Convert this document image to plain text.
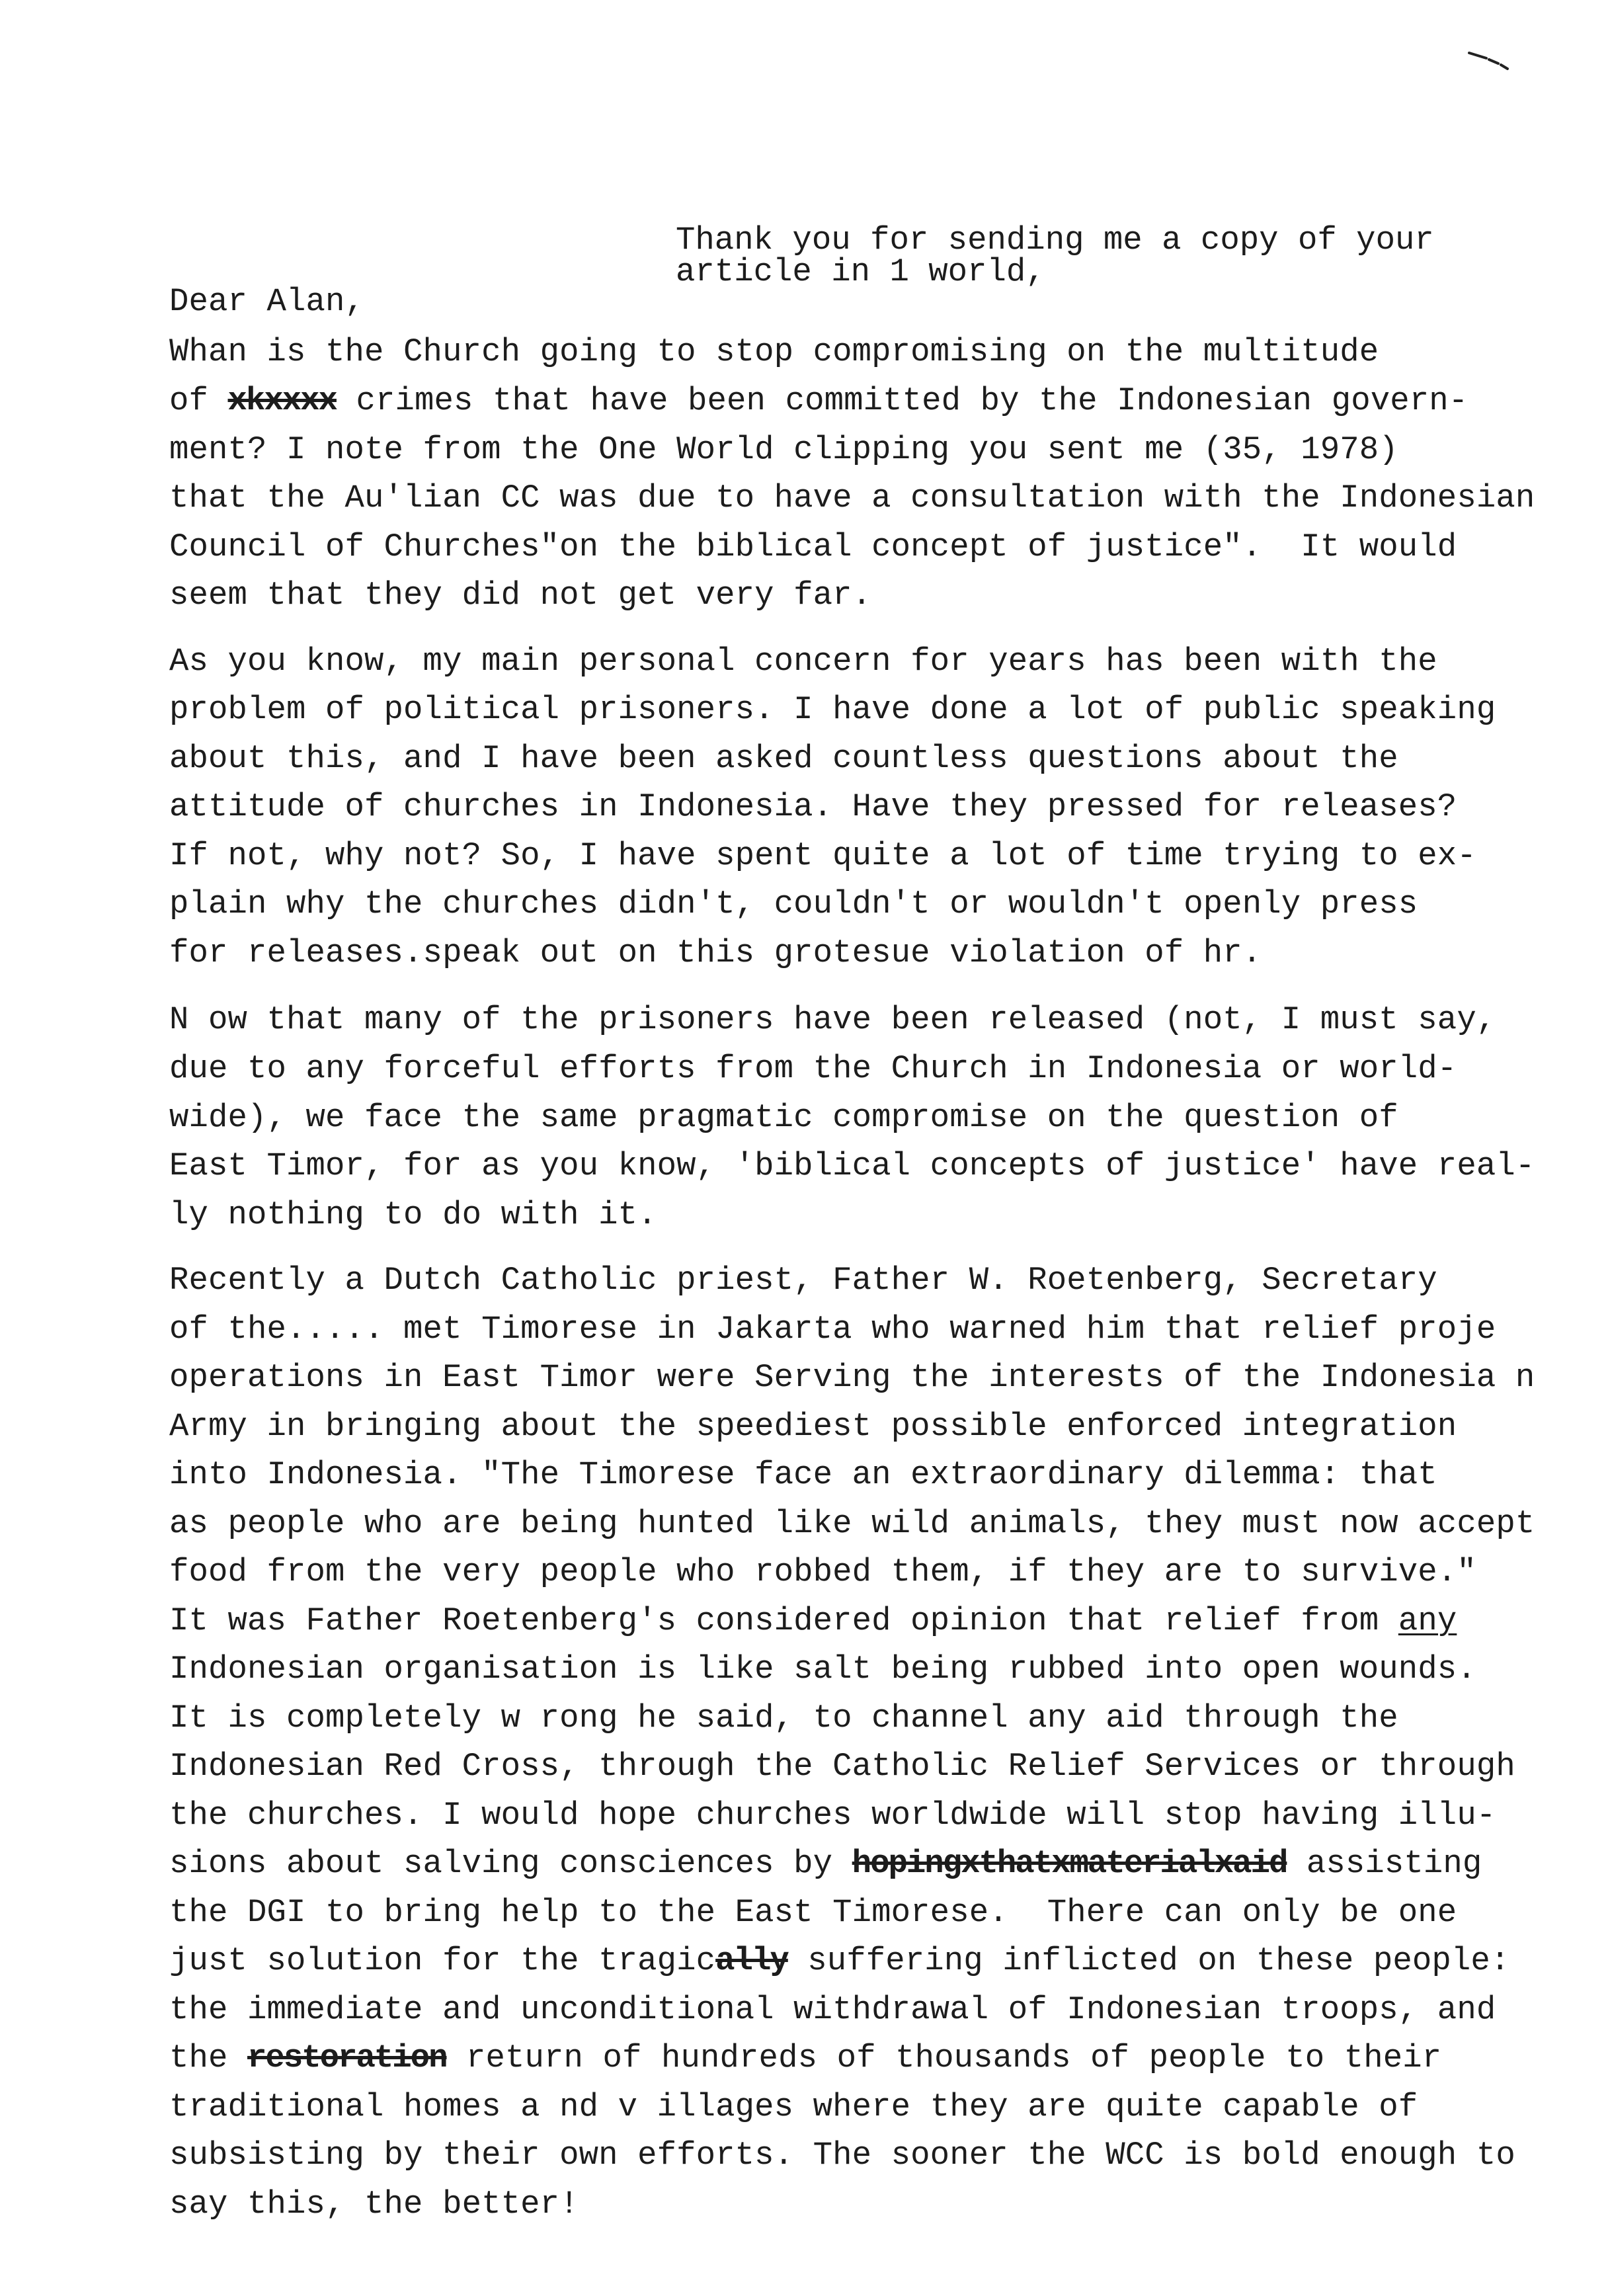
Thank you for sending me a copy of your
article in 1 world,
Dear Alan,
Whan is the Church going to stop compromising on the multitude
of xkxxxx crimes that have been committed by the Indonesian govern-
ment? I note from the One World clipping you sent me (35, 1978)
that the Au'lian CC was due to have a consultation with the Indonesian
Council of Churches"on the biblical concept of justice".  It would
seem that they did not get very far.
As you know, my main personal concern for years has been with the
problem of political prisoners. I have done a lot of public speaking
about this, and I have been asked countless questions about the
attitude of churches in Indonesia. Have they pressed for releases?
If not, why not? So, I have spent quite a lot of time trying to ex-
plain why the churches didn't, couldn't or wouldn't openly press
for releases.speak out on this grotesue violation of hr.
N ow that many of the prisoners have been released (not, I must say,
due to any forceful efforts from the Church in Indonesia or world-
wide), we face the same pragmatic compromise on the question of
East Timor, for as you know, 'biblical concepts of justice' have real-
ly nothing to do with it.
Recently a Dutch Catholic priest, Father W. Roetenberg, Secretary
of the..... met Timorese in Jakarta who warned him that relief proje
operations in East Timor were Serving the interests of the Indonesia n
Army in bringing about the speediest possible enforced integration
into Indonesia. "The Timorese face an extraordinary dilemma: that
as people who are being hunted like wild animals, they must now accept
food from the very people who robbed them, if they are to survive."
It was Father Roetenberg's considered opinion that relief from any
Indonesian organisation is like salt being rubbed into open wounds.
It is completely w rong he said, to channel any aid through the
Indonesian Red Cross, through the Catholic Relief Services or through
the churches. I would hope churches worldwide will stop having illu-
sions about salving consciences by hopingxthatxmaterialxaid assisting
the DGI to bring help to the East Timorese.  There can only be one
just solution for the tragically suffering inflicted on these people:
the immediate and unconditional withdrawal of Indonesian troops, and
the restoration return of hundreds of thousands of people to their
traditional homes a nd v illages where they are quite capable of
subsisting by their own efforts. The sooner the WCC is bold enough to
say this, the better!
